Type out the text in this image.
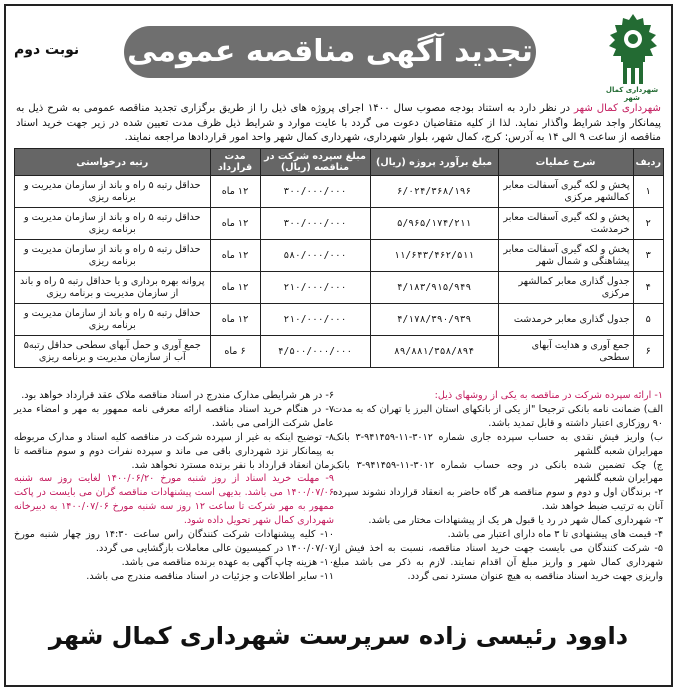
شهرداری کمال شهر
تجدید آگهی مناقصه عمومی
نوبت دوم
شهرداری کمال شهر در نظر دارد به استناد بودجه مصوب سال ۱۴۰۰ اجرای پروژه های ذیل را از طریق برگزاری تجدید مناقصه عمومی به شرح ذیل به پیمانکار واجد شرایط واگذار نماید. لذا از کلیه متقاضیان دعوت می گردد با عایت موارد و شرایط ذیل ظرف مدت تعیین شده در زیر جهت خرید اسناد مناقصه از ساعت ۹ الی ۱۴ به آدرس: کرج، کمال شهر، بلوار شهرداری، شهرداری کمال شهر واحد امور قراردادها مراجعه نمایند.
ردیف	شرح عملیات	مبلغ برآورد پروژه (ریال)	مبلغ سپرده شرکت در مناقصه (ریال)	مدت قرارداد	رتبه درخواستی
۱	پخش و لکه گیری آسفالت معابر کمالشهر مرکزی	۶/۰۲۴/۳۶۸/۱۹۶	۳۰۰/۰۰۰/۰۰۰	۱۲ ماه	حداقل رتبه ۵ راه و باند از سازمان مدیریت و برنامه ریزی
۲	پخش و لکه گیری آسفالت معابر خرمدشت	۵/۹۶۵/۱۷۴/۲۱۱	۳۰۰/۰۰۰/۰۰۰	۱۲ ماه	حداقل رتبه ۵ راه و باند از سازمان مدیریت و برنامه ریزی
۳	پخش و لکه گیری آسفالت معابر پیشاهنگی و شمال شهر	۱۱/۶۴۳/۴۶۲/۵۱۱	۵۸۰/۰۰۰/۰۰۰	۱۲ ماه	حداقل رتبه ۵ راه و باند از سازمان مدیریت و برنامه ریزی
۴	جدول گذاری معابر کمالشهر مرکزی	۴/۱۸۳/۹۱۵/۹۴۹	۲۱۰/۰۰۰/۰۰۰	۱۲ ماه	پروانه بهره برداری و یا حداقل رتبه ۵ راه و باند از سازمان مدیریت و برنامه ریزی
۵	جدول گذاری معابر خرمدشت	۴/۱۷۸/۳۹۰/۹۳۹	۲۱۰/۰۰۰/۰۰۰	۱۲ ماه	حداقل رتبه ۵ راه و باند از سازمان مدیریت و برنامه ریزی
۶	جمع آوری و هدایت آبهای سطحی	۸۹/۸۸۱/۳۵۸/۸۹۴	۴/۵۰۰/۰۰۰/۰۰۰	۶ ماه	جمع آوری و حمل آبهای سطحی حداقل رتبه۵ آب از سازمان مدیریت و برنامه ریزی

۱- ارائه سپرده شرکت در مناقصه به یکی از روشهای ذیل:

الف) ضمانت نامه بانکی ترجیحا "از یکی از بانکهای استان البرز یا تهران که به مدت ۹۰ روزکاری اعتبار داشته و قابل تمدید باشد.

ب) واریز فیش نقدی به حساب سپرده جاری شماره ۳۰۱۲-۱۱-۹۴۱۴۵۹-۳ بانک مهرایران شعبه گلشهر

ج) چک تضمین شده بانکی در وجه حساب شماره ۳۰۱۲-۱۱-۹۴۱۴۵۹-۳ بانک مهرایران شعبه گلشهر

۲- برندگان اول و دوم و سوم مناقصه هر گاه حاضر به انعقاد قرارداد نشوند سپرده آنان به ترتیب ضبط خواهد شد.

۳- شهرداری کمال شهر در رد یا قبول هر یک از پیشنهادات مختار می باشد.

۴- قیمت های پیشنهادی تا ۳ ماه دارای اعتبار می باشد.

۵- شرکت کنندگان می بایست جهت خرید اسناد مناقصه، نسبت به اخذ فیش از شهرداری کمال شهر و واریز مبلغ آن اقدام نمایند. لازم به ذکر می باشد مبلغ واریزی جهت خرید اسناد مناقصه به هیچ عنوان مسترد نمی گردد.

۶- در هر شرایطی مدارک مندرج در اسناد مناقصه ملاک عقد قرارداد خواهد بود.

۷- در هنگام خرید اسناد مناقصه ارائه معرفی نامه ممهور به مهر و امضاء مدیر عامل شرکت الزامی می باشد.

۸- توضیح اینکه به غیر از سپرده شرکت در مناقصه کلیه اسناد و مدارک مربوطه به پیمانکار نزد شهرداری باقی می ماند و سپرده نفرات دوم و سوم مناقصه تا زمان انعقاد قرارداد با نفر برنده مسترد نخواهد شد.

۹- مهلت خرید اسناد از روز شنبه مورخ ۱۴۰۰/۰۶/۲۰ لغایت روز سه شنبه ۱۴۰۰/۰۷/۰۶ می باشد. بدیهی است پیشنهادات مناقصه گران می بایست در پاکت ممهور به مهر شرکت تا ساعت ۱۲ روز سه شنبه مورخ ۱۴۰۰/۰۷/۰۶ به دبیرخانه شهرداری کمال شهر تحویل داده شود.

۱۰- کلیه پیشنهادات شرکت کنندگان راس ساعت ۱۴:۳۰ روز چهار شنبه مورخ ۱۴۰۰/۰۷/۰۷ در کمیسیون عالی معاملات بازگشایی می گردد.

۱۰- هزینه چاپ آگهی به عهده برنده مناقصه می باشد.

۱۱- سایر اطلاعات و جزئیات در اسناد مناقصه مندرج می باشد.

داوود رئیسی زاده سرپرست شهرداری کمال شهر
